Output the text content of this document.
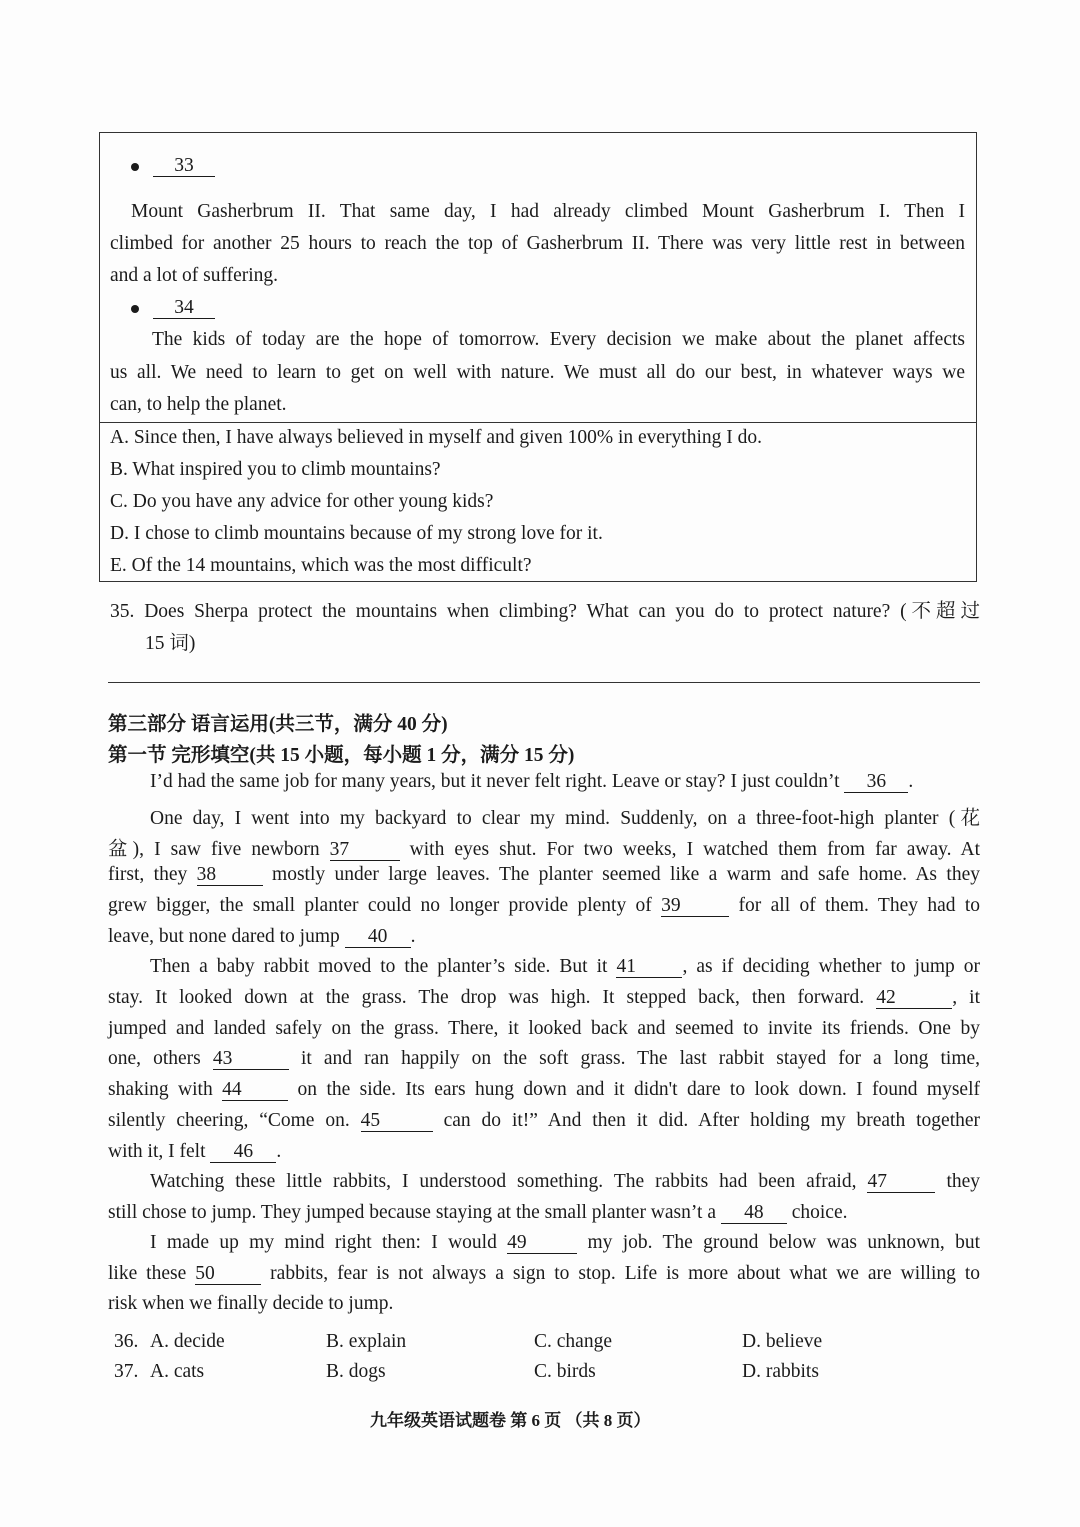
33
Mount Gasherbrum II. That same day, I had already climbed Mount Gasherbrum I. Then I
climbed for another 25 hours to reach the top of Gasherbrum II. There was very little rest in between
and a lot of suffering.
34
The kids of today are the hope of tomorrow. Every decision we make about the planet affects
us all. We need to learn to get on well with nature. We must all do our best, in whatever ways we
can, to help the planet.
A. Since then, I have always believed in myself and given 100% in everything I do.
B. What inspired you to climb mountains?
C. Do you have any advice for other young kids?
D. I chose to climb mountains because of my strong love for it.
E. Of the 14 mountains, which was the most difficult?
35. Does Sherpa protect the mountains when climbing? What can you do to protect nature? (不超过
15 词)
第三部分 语言运用(共三节，满分 40 分)
第一节 完形填空(共 15 小题，每小题 1 分，满分 15 分)
I’d had the same job for many years, but it never felt right. Leave or stay? I just couldn’t 36 .
One day, I went into my backyard to clear my mind. Suddenly, on a three-foot-high planter (花
盆), I saw five newborn 37	with eyes shut. For two weeks, I watched them from far away. At
first, they 38	mostly under large leaves. The planter seemed like a warm and safe home. As they
grew bigger, the small planter could no longer provide plenty of 39	for all of them. They had to
leave, but none dared to jump 40 .
Then a baby rabbit moved to the planter’s side. But it 41 , as if deciding whether to jump or
stay. It looked down at the grass. The drop was high. It stepped back, then forward. 42	, it
jumped and landed safely on the grass. There, it looked back and seemed to invite its friends. One by
one, others 43	it and ran happily on the soft grass. The last rabbit stayed for a long time,
shaking with 44	on the side. Its ears hung down and it didn't dare to look down. I found myself
silently cheering, “Come on. 45	can do it!” And then it did. After holding my breath together
with it, I felt 46 .
Watching these little rabbits, I understood something. The rabbits had been afraid, 47	they
still chose to jump. They jumped because staying at the small planter wasn’t a 48 choice.
I made up my mind right then: I would 49	my job. The ground below was unknown, but
like these 50	rabbits, fear is not always a sign to stop. Life is more about what we are willing to
risk when we finally decide to jump.
36. A. decide	B. explain	C. change	D. believe
37. A. cats	B. dogs	C. birds	D. rabbits
九年级英语试题卷 第 6 页 （共 8 页）
